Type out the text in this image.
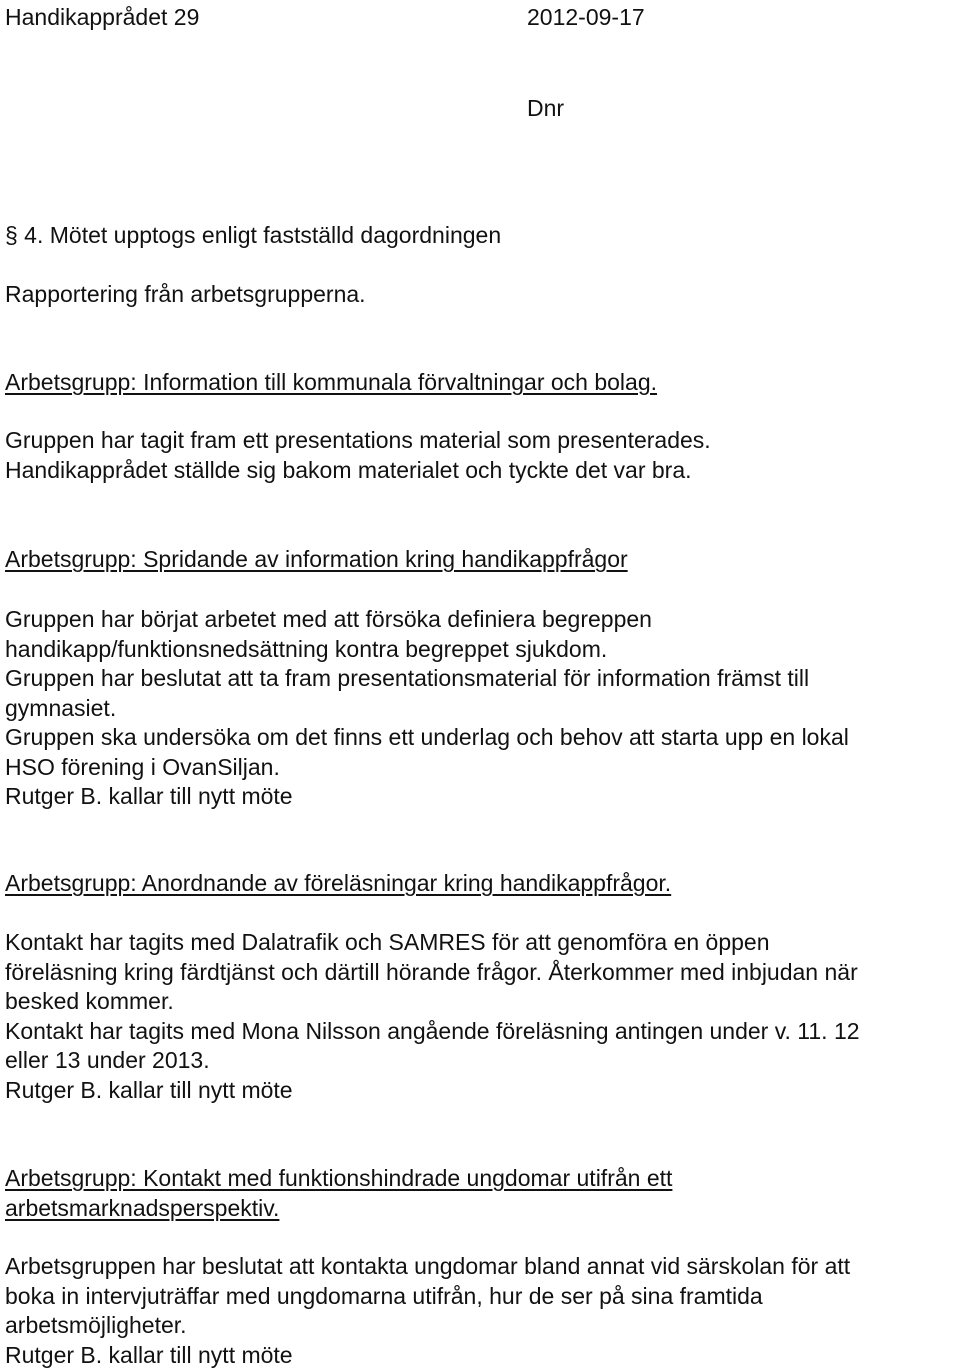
Handikapprådet 29	2012-09-17
Dnr
§ 4. Mötet upptogs enligt fastställd dagordningen
Rapportering från arbetsgrupperna.
Arbetsgrupp: Information till kommunala förvaltningar och bolag.
Gruppen har tagit fram ett presentations material som presenterades.
Handikapprådet ställde sig bakom materialet och tyckte det var bra.
Arbetsgrupp: Spridande av information kring handikappfrågor
Gruppen har börjat arbetet med att försöka definiera begreppen
handikapp/funktionsnedsättning kontra begreppet sjukdom.
Gruppen har beslutat att ta fram presentationsmaterial för information främst till
gymnasiet.
Gruppen ska undersöka om det finns ett underlag och behov att starta upp en lokal
HSO förening i OvanSiljan.
Rutger B. kallar till nytt möte
Arbetsgrupp: Anordnande av föreläsningar kring handikappfrågor.
Kontakt har tagits med Dalatrafik och SAMRES för att genomföra en öppen
föreläsning kring färdtjänst och därtill hörande frågor. Återkommer med inbjudan när
besked kommer.
Kontakt har tagits med Mona Nilsson angående föreläsning antingen under v. 11. 12
eller 13 under 2013.
Rutger B. kallar till nytt möte
Arbetsgrupp: Kontakt med funktionshindrade ungdomar utifrån ett
arbetsmarknadsperspektiv.
Arbetsgruppen har beslutat att kontakta ungdomar bland annat vid särskolan för att
boka in intervjuträffar med ungdomarna utifrån, hur de ser på sina framtida
arbetsmöjligheter.
Rutger B. kallar till nytt möte
